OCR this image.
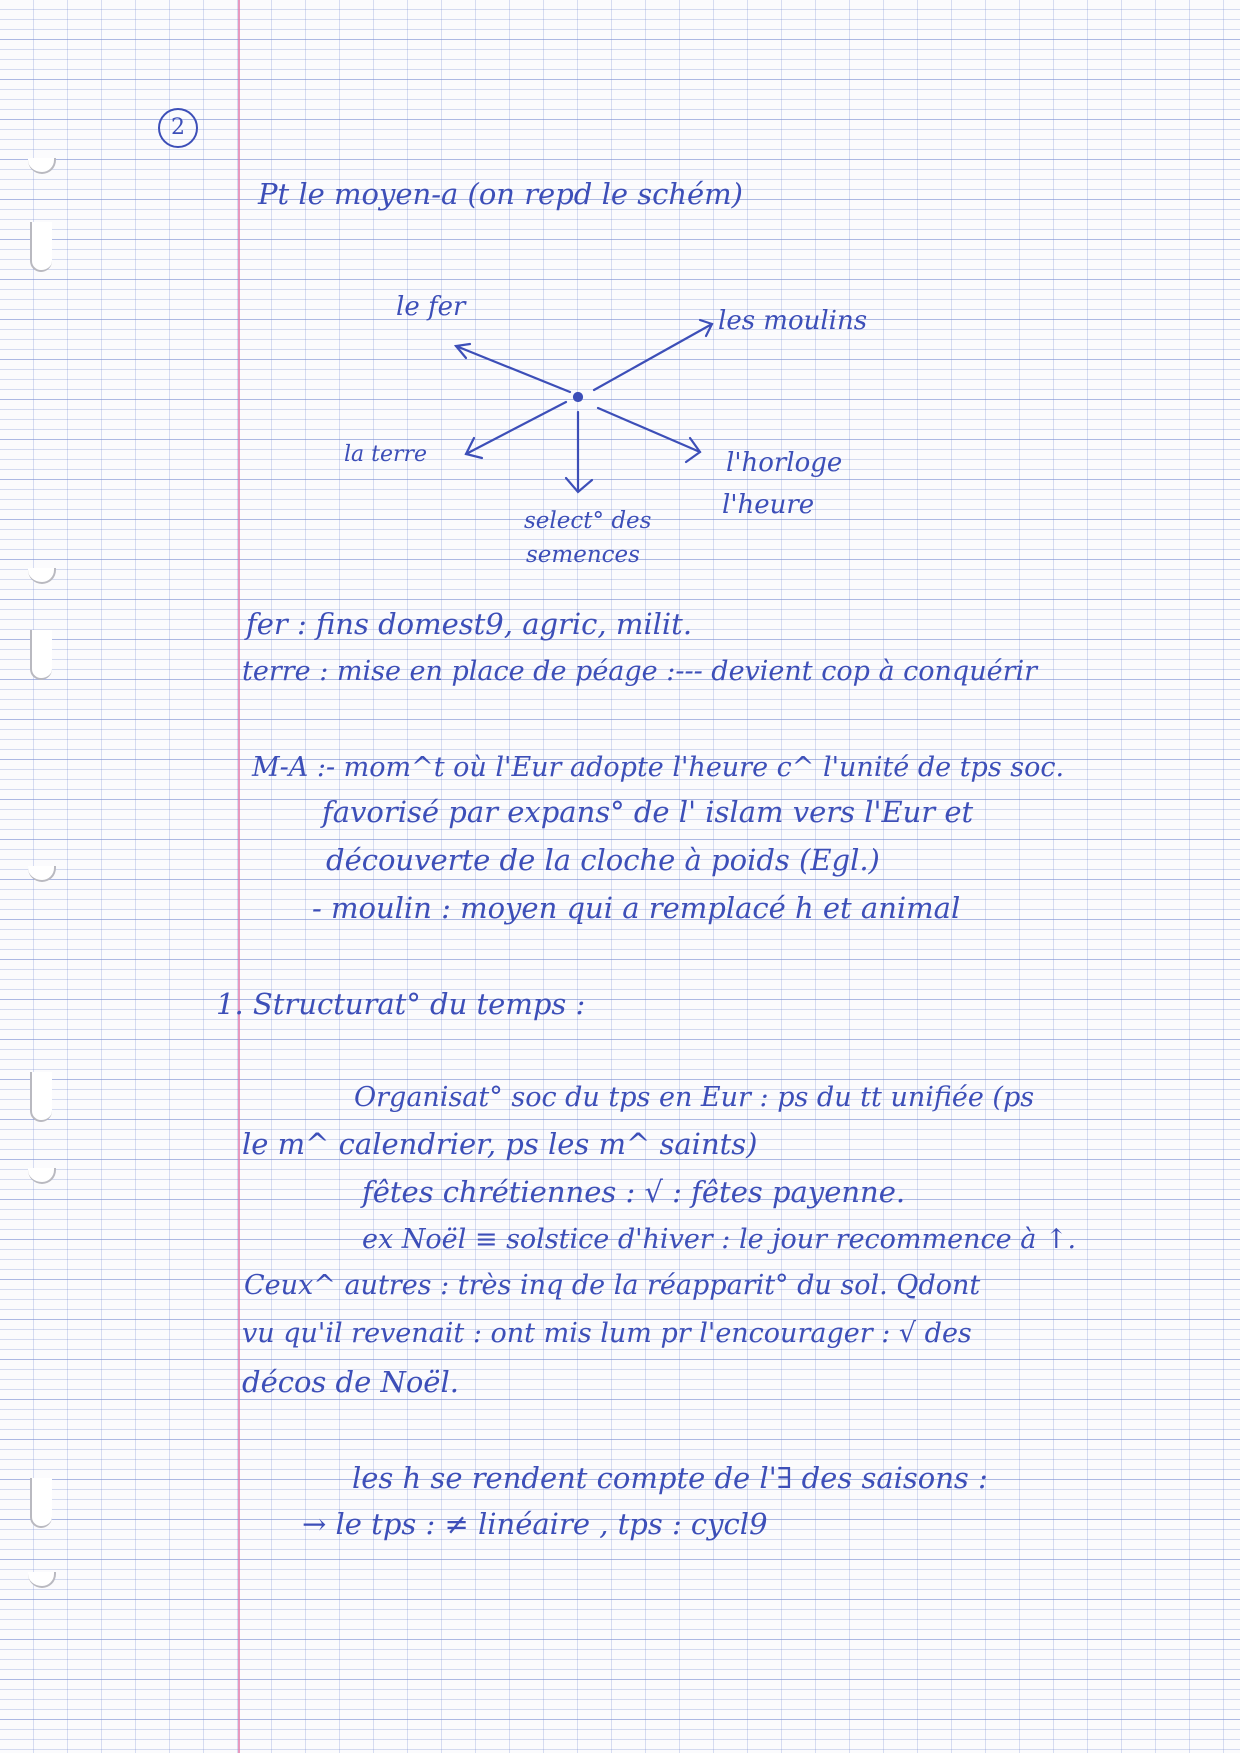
2
Pt le moyen-a (on repd le schém)
le fer	les moulins
la terre
select° des
semences
l'horloge
l'heure
fer : fins domest9, agric, milit.
terre : mise en place de péage :--- devient cop à conquérir
M-A :- mom^t où l'Eur adopte l'heure c^ l'unité de tps soc.
favorisé par expans° de l' islam vers l'Eur et
découverte de la cloche à poids (Egl.)
- moulin : moyen qui a remplacé h et animal
1. Structurat° du temps :
Organisat° soc du tps en Eur : ps du tt unifiée (ps
le m^ calendrier, ps les m^ saints)
fêtes chrétiennes : √ : fêtes payenne.
ex Noël ≡ solstice d'hiver : le jour recommence à ↑.
Ceux^ autres : très inq de la réapparit° du sol. Qdont
vu qu'il revenait : ont mis lum pr l'encourager : √ des
décos de Noël.
les h se rendent compte de l'∃ des saisons :
→ le tps : ≠ linéaire , tps : cycl9
